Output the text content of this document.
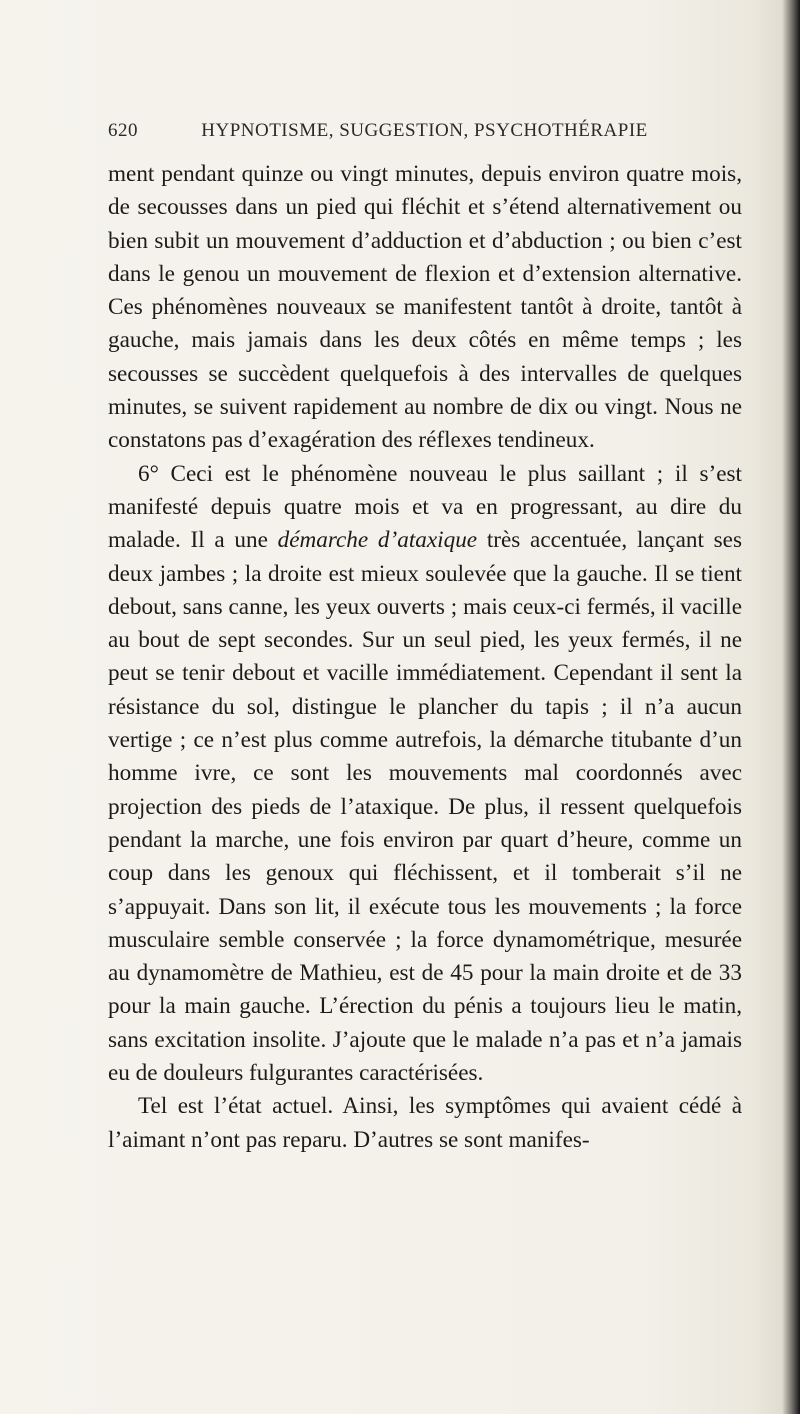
620	HYPNOTISME, SUGGESTION, PSYCHOTHÉRAPIE

ment pendant quinze ou vingt minutes, depuis environ quatre mois, de secousses dans un pied qui fléchit et s’étend alternativement ou bien subit un mouvement d’adduction et d’abduction ; ou bien c’est dans le genou un mouvement de flexion et d’extension alternative. Ces phénomènes nouveaux se manifestent tantôt à droite, tantôt à gauche, mais jamais dans les deux côtés en même temps ; les secousses se succèdent quelquefois à des intervalles de quelques minutes, se suivent rapidement au nombre de dix ou vingt. Nous ne constatons pas d’exagération des réflexes tendineux.

6° Ceci est le phénomène nouveau le plus saillant ; il s’est manifesté depuis quatre mois et va en progressant, au dire du malade. Il a une démarche d’ataxique très accentuée, lançant ses deux jambes ; la droite est mieux soulevée que la gauche. Il se tient debout, sans canne, les yeux ouverts ; mais ceux-ci fermés, il vacille au bout de sept secondes. Sur un seul pied, les yeux fermés, il ne peut se tenir debout et vacille immédiatement. Cependant il sent la résistance du sol, distingue le plancher du tapis ; il n’a aucun vertige ; ce n’est plus comme autrefois, la démarche titubante d’un homme ivre, ce sont les mouvements mal coordonnés avec projection des pieds de l’ataxique. De plus, il ressent quelquefois pendant la marche, une fois environ par quart d’heure, comme un coup dans les genoux qui fléchissent, et il tomberait s’il ne s’appuyait. Dans son lit, il exécute tous les mouvements ; la force musculaire semble conservée ; la force dynamométrique, mesurée au dynamomètre de Mathieu, est de 45 pour la main droite et de 33 pour la main gauche. L’érection du pénis a toujours lieu le matin, sans excitation insolite. J’ajoute que le malade n’a pas et n’a jamais eu de douleurs fulgurantes caractérisées.

Tel est l’état actuel. Ainsi, les symptômes qui avaient cédé à l’aimant n’ont pas reparu. D’autres se sont manifes-
